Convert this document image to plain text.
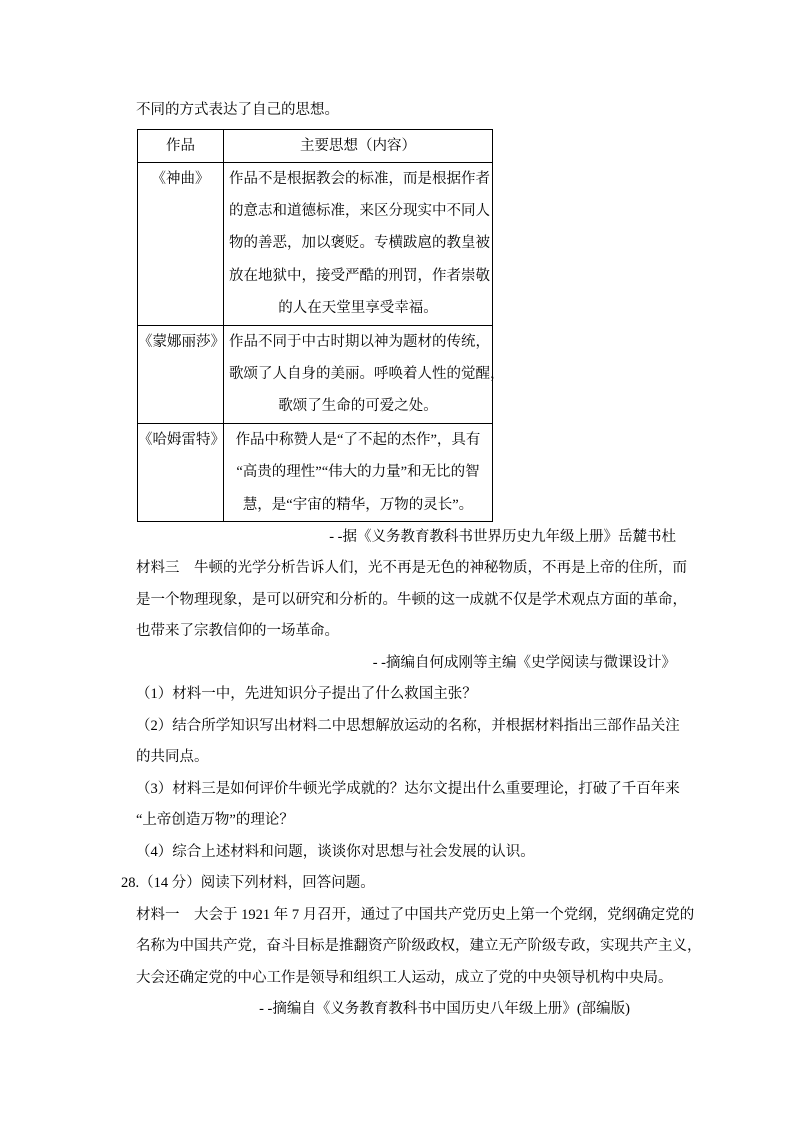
不同的方式表达了自己的思想。
作品	主要思想（内容）

《神曲》	作品不是根据教会的标准，而是根据作者
的意志和道德标准，来区分现实中不同人
物的善恶，加以褒贬。专横跋扈的教皇被
放在地狱中，接受严酷的刑罚，作者崇敬
的人在天堂里享受幸福。

《蒙娜丽莎》	作品不同于中古时期以神为题材的传统，
歌颂了人自身的美丽。呼唤着人性的觉醒，
歌颂了生命的可爱之处。

《哈姆雷特》	作品中称赞人是“了不起的杰作”，具有
“高贵的理性”“伟大的力量”和无比的智
慧，是“宇宙的精华，万物的灵长”。
- -据《义务教育教科书世界历史九年级上册》岳麓书杜
材料三　牛顿的光学分析告诉人们，光不再是无色的神秘物质，不再是上帝的住所，而
是一个物理现象，是可以研究和分析的。牛顿的这一成就不仅是学术观点方面的革命，
也带来了宗教信仰的一场革命。
- -摘编自何成刚等主编《史学阅读与微课设计》
（1）材料一中，先进知识分子提出了什么救国主张？
（2）结合所学知识写出材料二中思想解放运动的名称，并根据材料指出三部作品关注
的共同点。
（3）材料三是如何评价牛顿光学成就的？达尔文提出什么重要理论，打破了千百年来
“上帝创造万物”的理论？
（4）综合上述材料和问题，谈谈你对思想与社会发展的认识。
28.（14 分）阅读下列材料，回答问题。
材料一　大会于 1921 年 7 月召开，通过了中国共产党历史上第一个党纲，党纲确定党的
名称为中国共产党，奋斗目标是推翻资产阶级政权，建立无产阶级专政，实现共产主义，
大会还确定党的中心工作是领导和组织工人运动，成立了党的中央领导机构中央局。
- -摘编自《义务教育教科书中国历史八年级上册》(部编版)
